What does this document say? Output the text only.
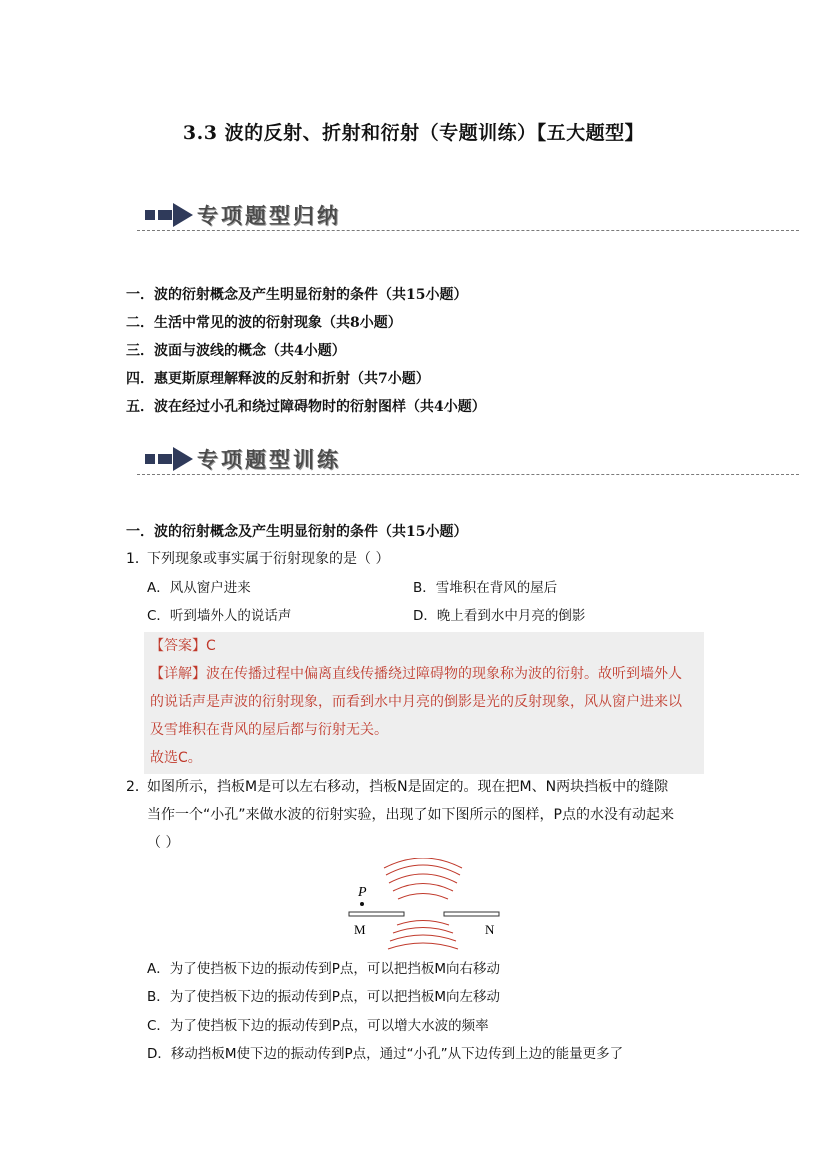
3.3 波的反射、折射和衍射（专题训练）【五大题型】
专项题型归纳
一．波的衍射概念及产生明显衍射的条件（共15小题）
二．生活中常见的波的衍射现象（共8小题）
三．波面与波线的概念（共4小题）
四．惠更斯原理解释波的反射和折射（共7小题）
五．波在经过小孔和绕过障碍物时的衍射图样（共4小题）
专项题型训练
一．波的衍射概念及产生明显衍射的条件（共15小题）
1．
下列现象或事实属于衍射现象的是（ ）
A．风从窗户进来	B．雪堆积在背风的屋后
C．听到墙外人的说话声	D．晚上看到水中月亮的倒影
【答案】C
【详解】波在传播过程中偏离直线传播绕过障碍物的现象称为波的衍射。故听到墙外人
的说话声是声波的衍射现象，而看到水中月亮的倒影是光的反射现象，风从窗户进来以
及雪堆积在背风的屋后都与衍射无关。
故选C。
2．
如图所示，挡板M是可以左右移动，挡板N是固定的。现在把M、N两块挡板中的缝隙
当作一个“小孔”来做水波的衍射实验，出现了如下图所示的图样，P点的水没有动起来
（ ）
P
M	N
A．为了使挡板下边的振动传到P点，可以把挡板M向右移动
B．为了使挡板下边的振动传到P点，可以把挡板M向左移动
C．为了使挡板下边的振动传到P点，可以增大水波的频率
D．移动挡板M使下边的振动传到P点，通过“小孔”从下边传到上边的能量更多了
